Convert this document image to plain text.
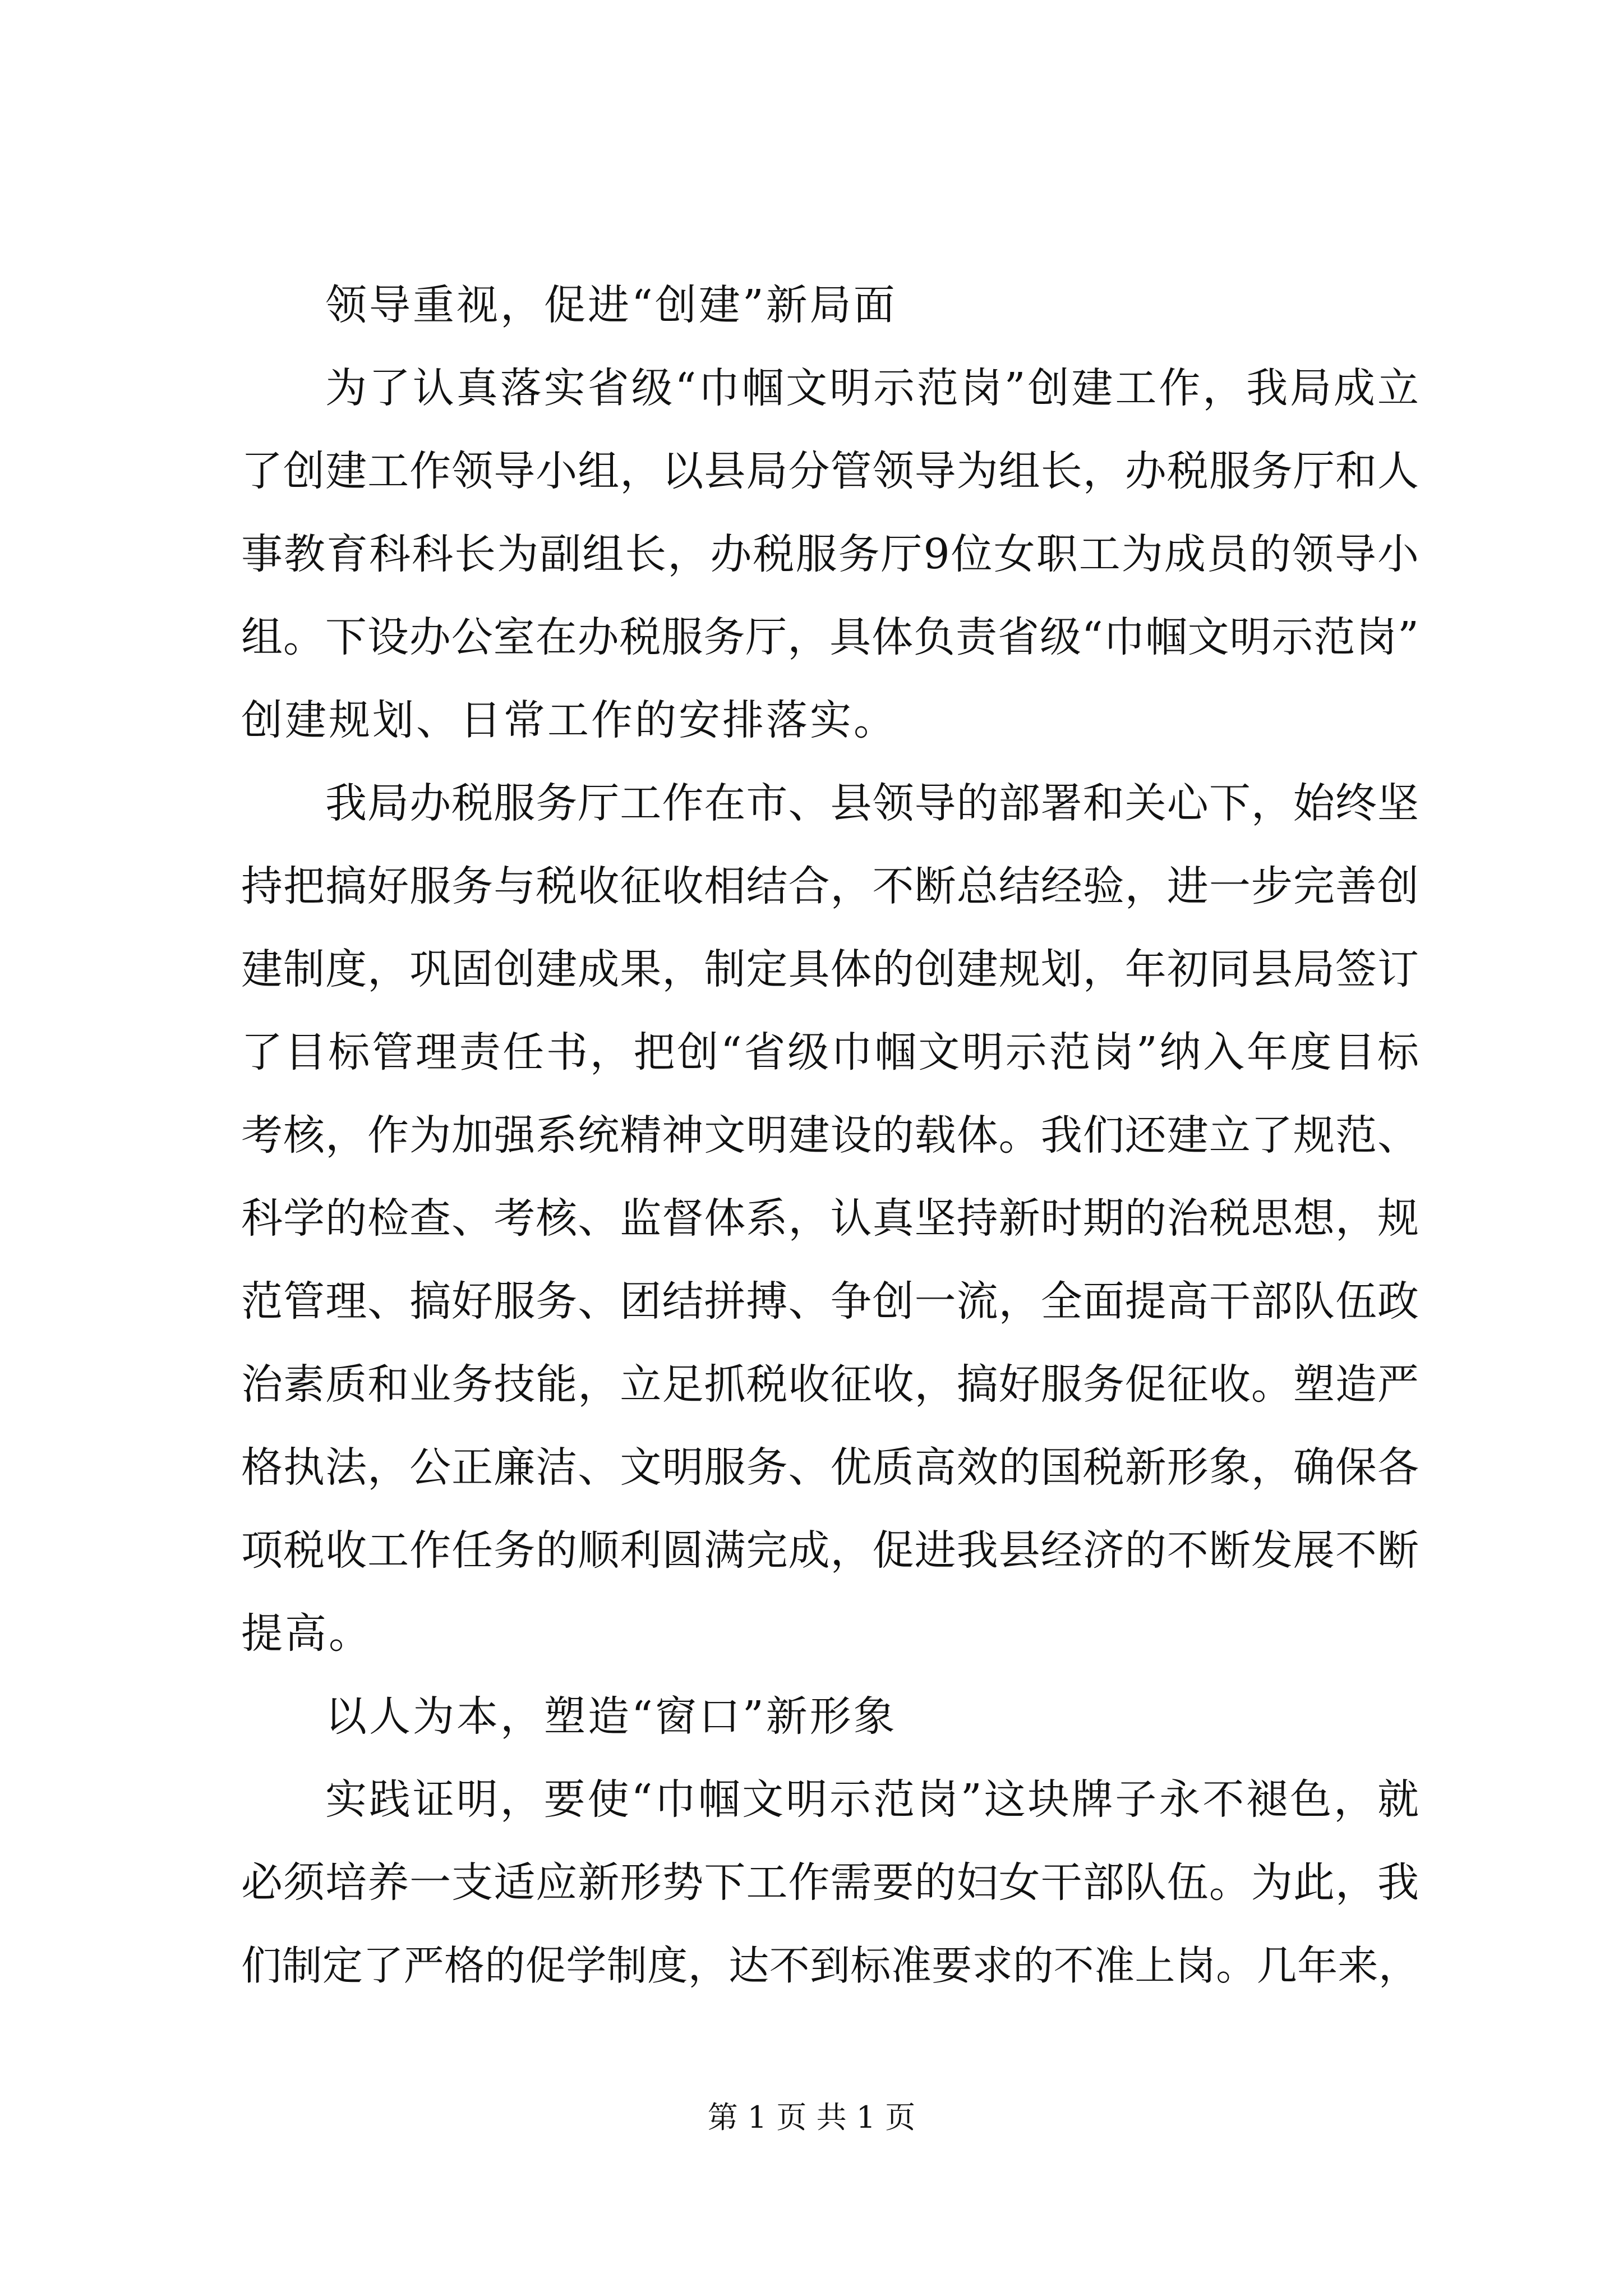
领导重视，促进“创建”新局面
为了认真落实省级“巾帼文明示范岗”创建工作，我局成立
了创建工作领导小组，以县局分管领导为组长，办税服务厅和人
事教育科科长为副组长，办税服务厅9位女职工为成员的领导小
组。下设办公室在办税服务厅，具体负责省级“巾帼文明示范岗”
创建规划、日常工作的安排落实。
我局办税服务厅工作在市、县领导的部署和关心下，始终坚
持把搞好服务与税收征收相结合，不断总结经验，进一步完善创
建制度，巩固创建成果，制定具体的创建规划，年初同县局签订
了目标管理责任书，把创“省级巾帼文明示范岗”纳入年度目标
考核，作为加强系统精神文明建设的载体。我们还建立了规范、
科学的检查、考核、监督体系，认真坚持新时期的治税思想，规
范管理、搞好服务、团结拼搏、争创一流，全面提高干部队伍政
治素质和业务技能，立足抓税收征收，搞好服务促征收。塑造严
格执法，公正廉洁、文明服务、优质高效的国税新形象，确保各
项税收工作任务的顺利圆满完成，促进我县经济的不断发展不断
提高。
以人为本，塑造“窗口”新形象
实践证明，要使“巾帼文明示范岗”这块牌子永不褪色，就
必须培养一支适应新形势下工作需要的妇女干部队伍。为此，我
们制定了严格的促学制度，达不到标准要求的不准上岗。几年来，
第 1 页 共 1 页
